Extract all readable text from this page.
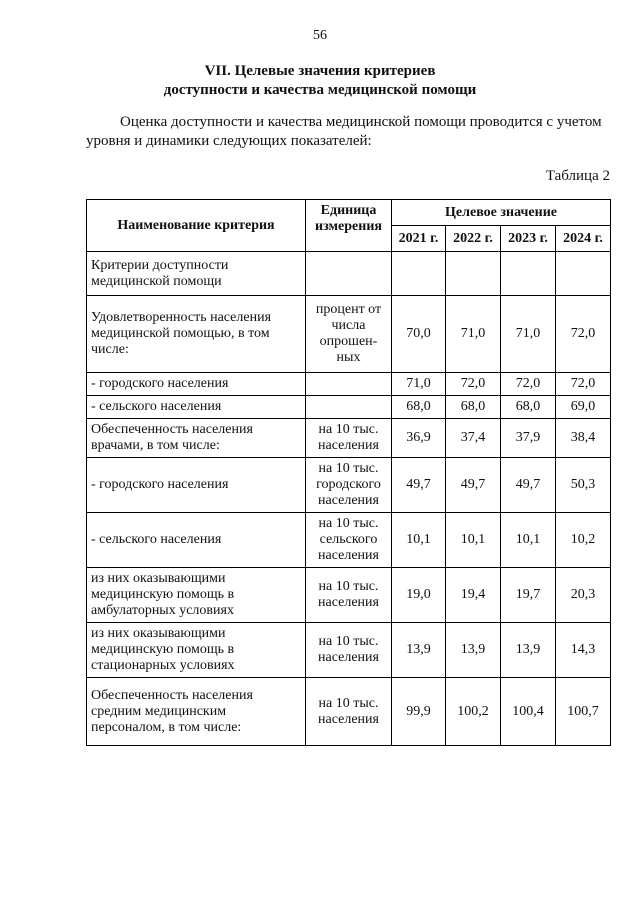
56
VII. Целевые значения критериев
доступности и качества медицинской помощи
Оценка доступности и качества медицинской помощи проводится с учетом уровня и динамики следующих показателей:
Таблица 2
Наименование критерия	Единица измерения	Целевое значение			
		2021 г.	2022 г.	2023 г.	2024 г.
Критерии доступности медицинской помощи					
Удовлетворенность населения медицинской помощью, в том числе:	процент от числа опрошен-ных	70,0	71,0	71,0	72,0
- городского населения		71,0	72,0	72,0	72,0
- сельского населения		68,0	68,0	68,0	69,0
Обеспеченность населения врачами, в том числе:	на 10 тыс. населения	36,9	37,4	37,9	38,4
- городского населения	на 10 тыс. городского населения	49,7	49,7	49,7	50,3
- сельского населения	на 10 тыс. сельского населения	10,1	10,1	10,1	10,2
из них оказывающими медицинскую помощь в амбулаторных условиях	на 10 тыс. населения	19,0	19,4	19,7	20,3
из них оказывающими медицинскую помощь в стационарных условиях	на 10 тыс. населения	13,9	13,9	13,9	14,3
Обеспеченность населения средним медицинским персоналом, в том числе:	на 10 тыс. населения	99,9	100,2	100,4	100,7
